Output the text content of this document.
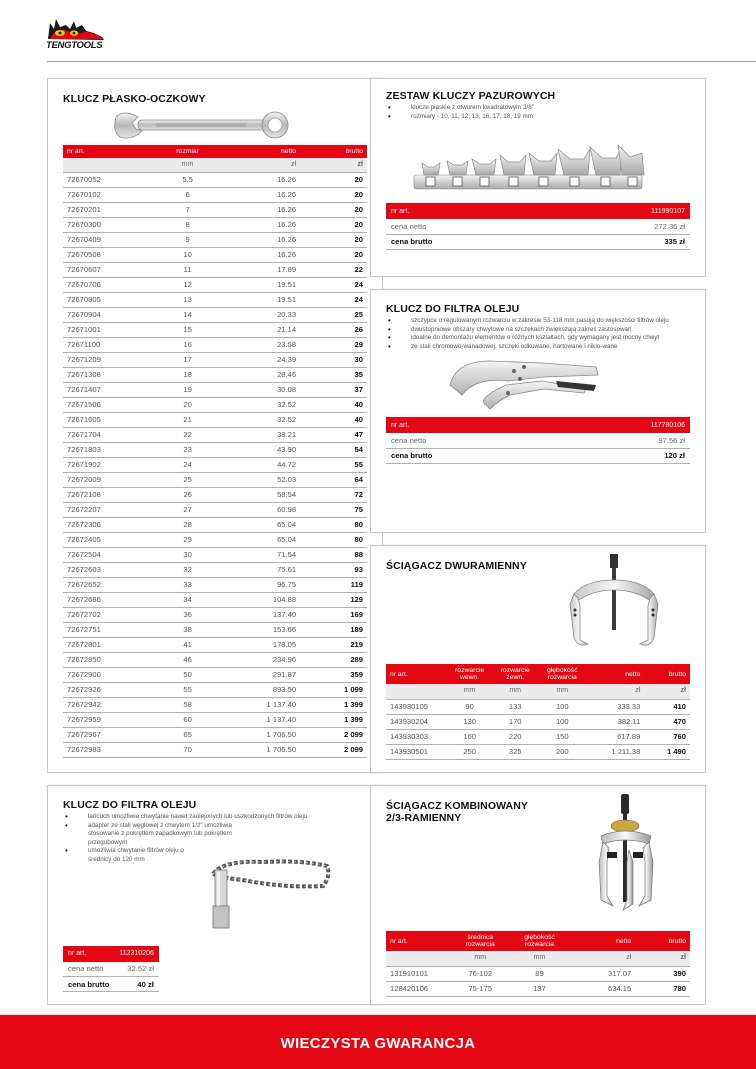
TENGTOOLS
KLUCZ PŁASKO-OCZKOWY
nr art.	rozmiar	netto	brutto
	mm	zł	zł
72670052	5.5	16.26	20
72670102	6	16.26	20
72670201	7	16.26	20
72670300	8	16.26	20
72670409	9	16.26	20
72670508	10	16.26	20
72670607	11	17.89	22
72670706	12	19.51	24
72670805	13	19.51	24
72670904	14	20.33	25
72671001	15	21.14	26
72671100	16	23.58	29
72671209	17	24.39	30
72671308	18	28.46	35
72671407	19	30.08	37
72671506	20	32.52	40
72671605	21	32.52	40
72671704	22	38.21	47
72671803	23	43.90	54
72671902	24	44.72	55
72672009	25	52.03	64
72672108	26	58.54	72
72672207	27	60.98	75
72672306	28	65.04	80
72672405	29	65.04	80
72672504	30	71.54	88
72672603	32	75.61	93
72672652	33	96.75	119
72672686	34	104.88	129
72672702	36	137.40	169
72672751	38	153.66	189
72672801	41	178.05	219
72672850	46	234.96	289
72672900	50	291.87	359
72672926	55	893.50	1 099
72672942	58	1 137.40	1 399
72672959	60	1 137.40	1 399
72672967	65	1 706.50	2 099
72672983	70	1 706.50	2 099
ZESTAW KLUCZY PAZUROWYCH
• klucze płaskie z otworem kwadratowym 3/8"
• rozmiary - 10, 11, 12, 13, 16, 17, 18, 19 mm
nr art.	111990107
cena netto	272.36 zł
cena brutto	335 zł
KLUCZ DO FILTRA OLEJU
• szczypce o regulowanym rozwarciu w zakresie 53-118 mm pasują do większości filtrów oleju
• dwustopniowe obszary chwytowe na szczękach zwiększają zakres zastosowań
• idealne do demontażu elementów o różnych kształtach, gdy wymagany jest mocny chwyt
• ze stali chromowo-wanadowej, szczęki odkuwane, hartowane i niklo-wane
nr art.	117780106
cena netto	97.56 zł
cena brutto	120 zł
ŚCIĄGACZ DWURAMIENNY
nr art.	rozwarcie wewn.	rozwarcie zewn.	głębokość rozwarcia	netto	brutto
	mm	mm	mm	zł	zł
143930105	90	133	100	333.33	410
143930204	130	170	100	382.11	470
143930303	160	220	150	617.89	760
143930501	250	325	200	1 211.38	1 490
KLUCZ DO FILTRA OLEJU
• łańcuch umożliwia chwytanie nawet zaolejonych lub uszkodzonych filtrów oleju
• adapter ze stali węglowej z chwytem 1/2" umożliwia stosowanie z pokrętłem zapadkowym lub pokrętłem przegubowym
• umożliwia chwytanie filtrów oleju o średnicy do 120 mm
nr art.	112310206
cena netto	32.52 zł
cena brutto	40 zł
ŚCIĄGACZ KOMBINOWANY
2/3-RAMIENNY
nr art.	średnica rozwarcia	głębokość rozwarcia	netto	brutto
	mm	mm	zł	zł
131910101	76-102	89	317.07	390
128420106	75-175	137	634.15	780
WIECZYSTA GWARANCJA
